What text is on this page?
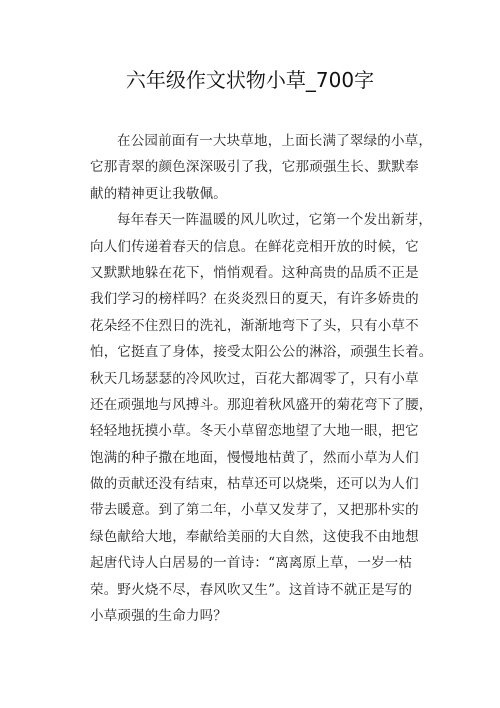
六年级作文状物小草_700字
在公园前面有一大块草地，上面长满了翠绿的小草，
它那青翠的颜色深深吸引了我，它那顽强生长、默默奉
献的精神更让我敬佩。
每年春天一阵温暖的风儿吹过，它第一个发出新芽，
向人们传递着春天的信息。在鲜花竞相开放的时候，它
又默默地躲在花下，悄悄观看。这种高贵的品质不正是
我们学习的榜样吗？在炎炎烈日的夏天，有许多娇贵的
花朵经不住烈日的洗礼，渐渐地弯下了头，只有小草不
怕，它挺直了身体，接受太阳公公的淋浴，顽强生长着。
秋天几场瑟瑟的冷风吹过，百花大都凋零了，只有小草
还在顽强地与风搏斗。那迎着秋风盛开的菊花弯下了腰，
轻轻地抚摸小草。冬天小草留恋地望了大地一眼，把它
饱满的种子撒在地面，慢慢地枯黄了，然而小草为人们
做的贡献还没有结束，枯草还可以烧柴，还可以为人们
带去暖意。到了第二年，小草又发芽了，又把那朴实的
绿色献给大地，奉献给美丽的大自然，这使我不由地想
起唐代诗人白居易的一首诗：“离离原上草，一岁一枯
荣。野火烧不尽，春风吹又生”。这首诗不就正是写的
小草顽强的生命力吗？
